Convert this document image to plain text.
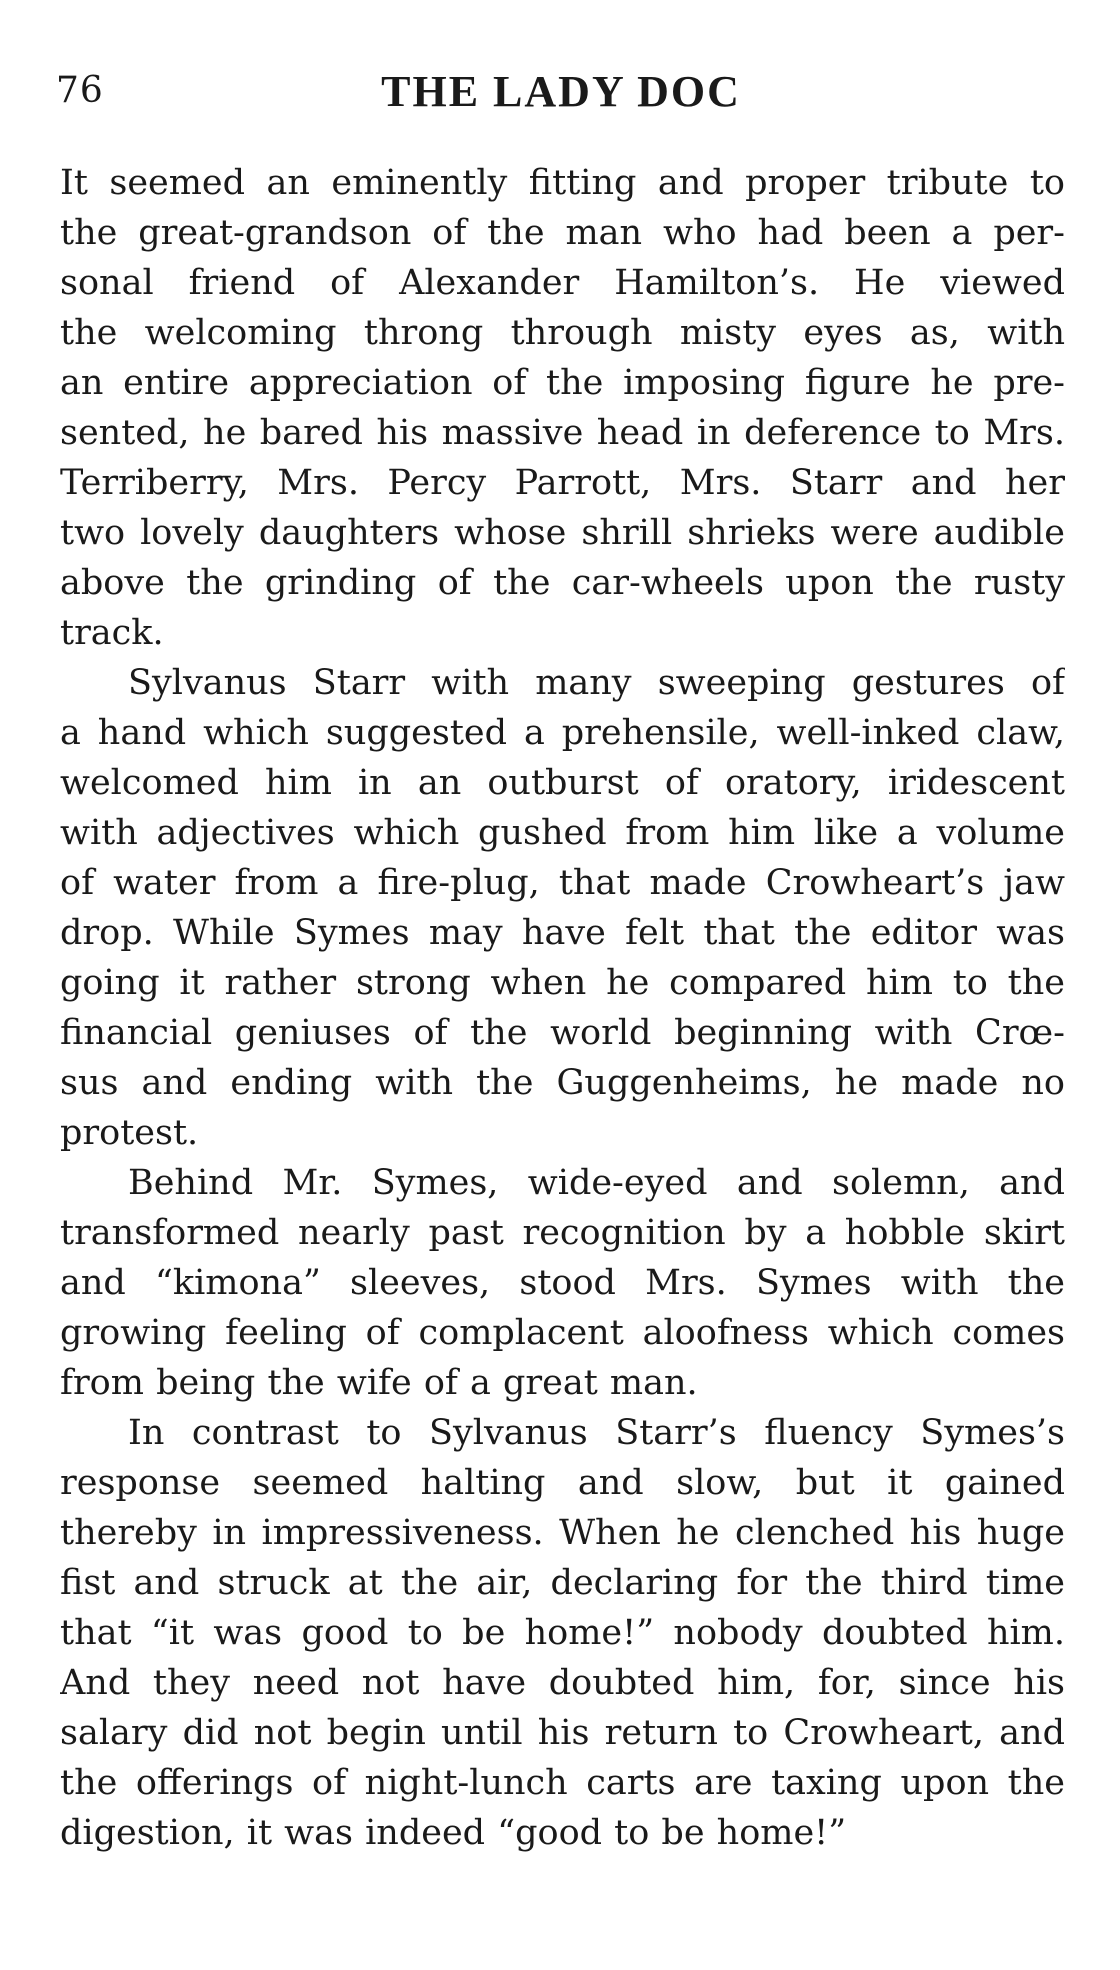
76	THE LADY DOC

It seemed an eminently fitting and proper tribute to
the great-grandson of the man who had been a per-
sonal friend of Alexander Hamilton’s. He viewed
the welcoming throng through misty eyes as, with
an entire appreciation of the imposing figure he pre-
sented, he bared his massive head in deference to Mrs.
Terriberry, Mrs. Percy Parrott, Mrs. Starr and her
two lovely daughters whose shrill shrieks were audible
above the grinding of the car-wheels upon the rusty
track.

Sylvanus Starr with many sweeping gestures of
a hand which suggested a prehensile, well-inked claw,
welcomed him in an outburst of oratory, iridescent
with adjectives which gushed from him like a volume
of water from a fire-plug, that made Crowheart’s jaw
drop. While Symes may have felt that the editor was
going it rather strong when he compared him to the
financial geniuses of the world beginning with Crœ-
sus and ending with the Guggenheims, he made no
protest.

Behind Mr. Symes, wide-eyed and solemn, and
transformed nearly past recognition by a hobble skirt
and “kimona” sleeves, stood Mrs. Symes with the
growing feeling of complacent aloofness which comes
from being the wife of a great man.

In contrast to Sylvanus Starr’s fluency Symes’s
response seemed halting and slow, but it gained
thereby in impressiveness. When he clenched his huge
fist and struck at the air, declaring for the third time
that “it was good to be home!” nobody doubted him.
And they need not have doubted him, for, since his
salary did not begin until his return to Crowheart, and
the offerings of night-lunch carts are taxing upon the
digestion, it was indeed “good to be home!”
